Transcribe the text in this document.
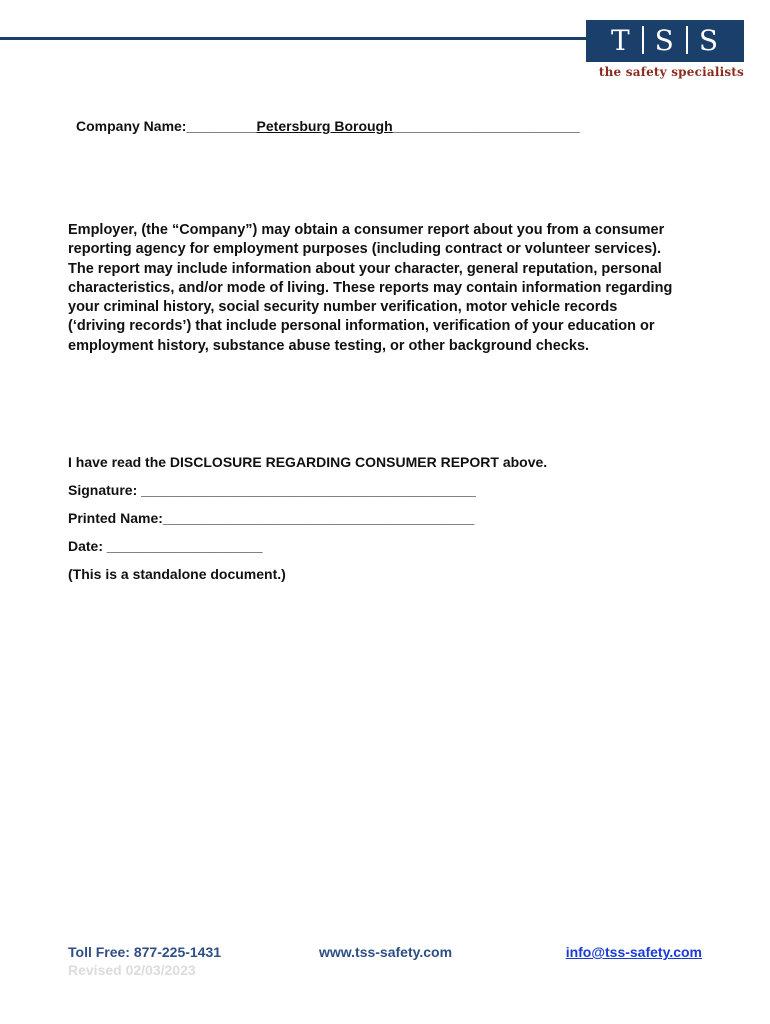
T S S
the safety specialists
Company Name:_________Petersburg Borough________________________

Employer, (the “Company”) may obtain a consumer report about you from a consumer
reporting agency for employment purposes (including contract or volunteer services).
The report may include information about your character, general reputation, personal
characteristics, and/or mode of living. These reports may contain information regarding
your criminal history, social security number verification, motor vehicle records
(‘driving records’) that include personal information, verification of your education or
employment history, substance abuse testing, or other background checks.

I have read the DISCLOSURE REGARDING CONSUMER REPORT above.
Signature: ___________________________________________
Printed Name:________________________________________
Date: ____________________
(This is a standalone document.)
Toll Free: 877-225-1431	www.tss-safety.com	info@tss-safety.com
Revised 02/03/2023
